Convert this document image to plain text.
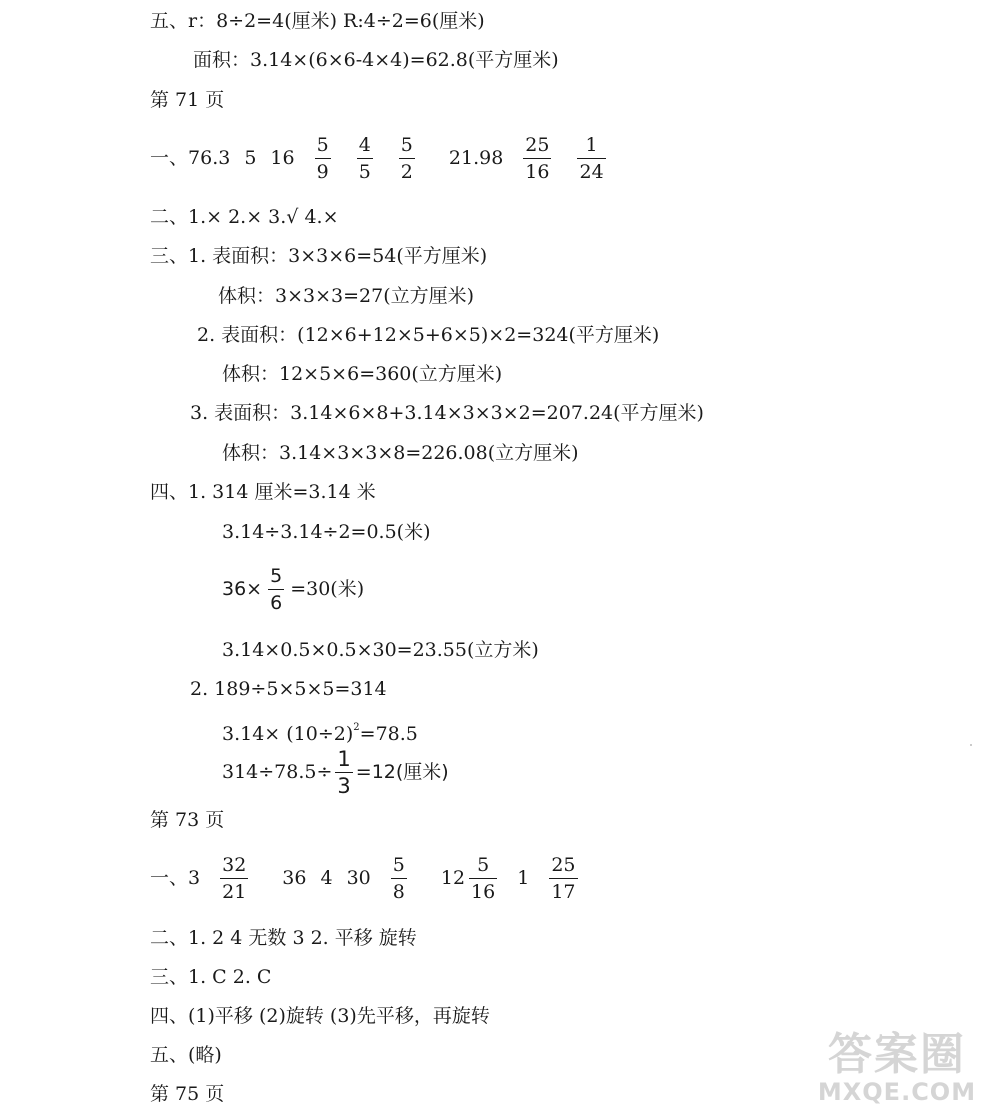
五、r：8÷2=4(厘米) R:4÷2=6(厘米)
面积：3.14×(6×6-4×4)=62.8(平方厘米)
第 71 页
一、 76.3 5 $16 \frac{5}{9} \frac{4}{5} \frac{5}{2} 21.98 \frac{25}{16} \frac{1}{24}$
二、1.× 2.× 3.√ 4.×
三、1. 表面积：3×3×6=54(平方厘米)
体积：3×3×3=27(立方厘米)
2. 表面积：(12×6+12×5+6×5)×2=324(平方厘米)
体积：12×5×6=360(立方厘米)
3. 表面积：3.14×6×8+3.14×3×3×2=207.24(平方厘米)
体积：3.14×3×3×8=226.08(立方厘米)
四、1. 314 厘米=3.14 米
3.14÷3.14÷2=0.5(米)
$36\times \frac{5}{6} =30$(米)
3.14×0.5×0.5×30=23.55(立方米)
2. 189÷5×5×5=314
$3.14\times (10\div 2)^2=78.5$
$314\div 78.5\div \frac{1}{3} =12$(厘米)
第 73 页
一、 $3 \frac{32}{21} 36$ 4 $30 \frac{5}{8} 12 \frac{5}{16} 1 \frac{25}{17}$
二、1. 2 4 无数 3 2. 平移 旋转
三、1. C 2. C
四、(1)平移 (2)旋转 (3)先平移，再旋转
五、(略)
第 75 页
答案圈
MXQE.COM
